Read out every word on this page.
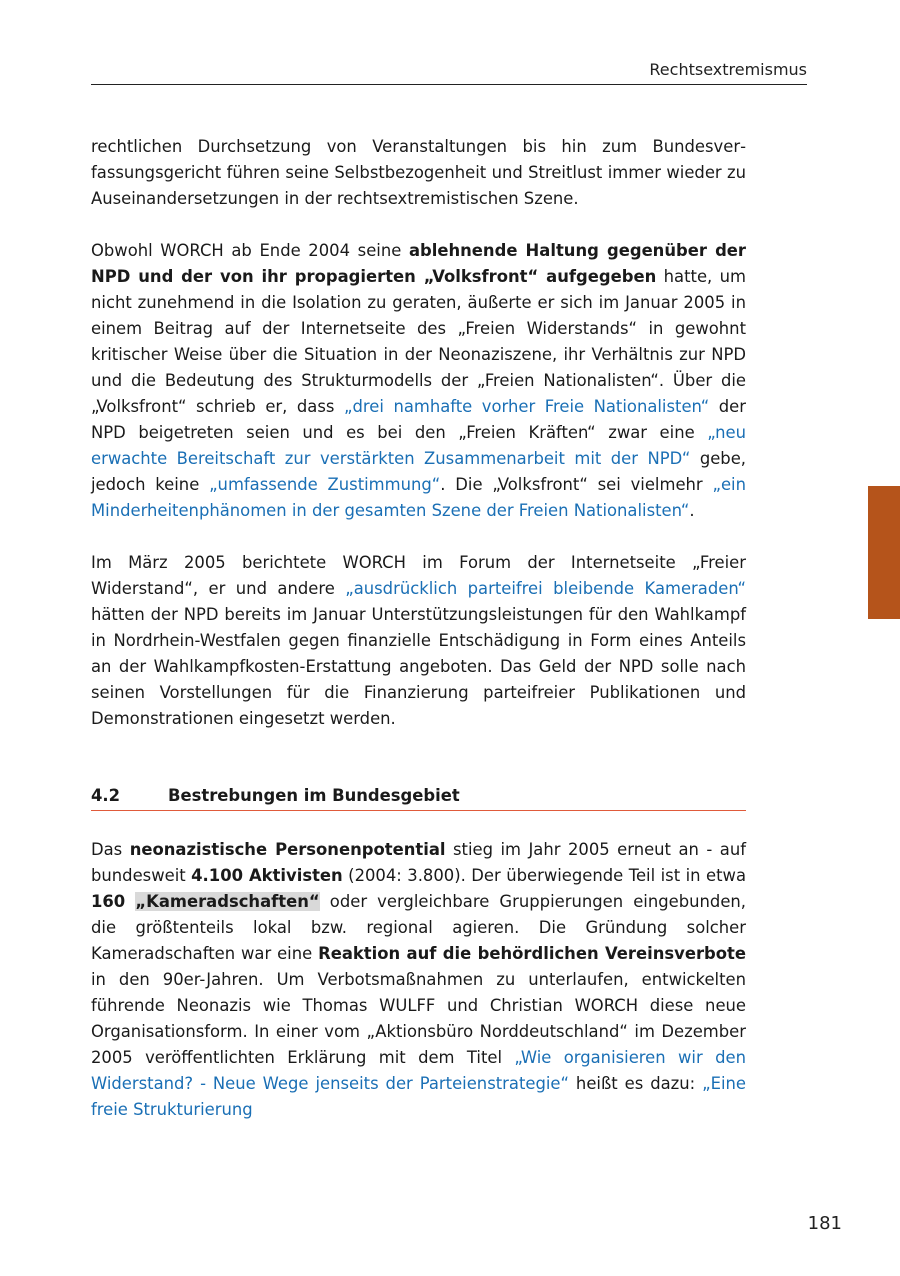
Rechtsextremismus

rechtlichen Durchsetzung von Veranstaltungen bis hin zum Bundesverfassungsgericht führen seine Selbstbezogenheit und Streitlust immer wieder zu Auseinandersetzungen in der rechtsextremistischen Szene.

Obwohl WORCH ab Ende 2004 seine ablehnende Haltung gegenüber der NPD und der von ihr propagierten „Volksfront“ aufgegeben hatte, um nicht zunehmend in die Isolation zu geraten, äußerte er sich im Januar 2005 in einem Beitrag auf der Internetseite des „Freien Widerstands“ in gewohnt kritischer Weise über die Situation in der Neonaziszene, ihr Verhältnis zur NPD und die Bedeutung des Strukturmodells der „Freien Nationalisten“. Über die „Volksfront“ schrieb er, dass „drei namhafte vorher Freie Nationalisten“ der NPD beigetreten seien und es bei den „Freien Kräften“ zwar eine „neu erwachte Bereitschaft zur verstärkten Zusammenarbeit mit der NPD“ gebe, jedoch keine „umfassende Zustimmung“. Die „Volksfront“ sei vielmehr „ein Minderheitenphänomen in der gesamten Szene der Freien Nationalisten“.

Im März 2005 berichtete WORCH im Forum der Internetseite „Freier Widerstand“, er und andere „ausdrücklich parteifrei bleibende Kameraden“ hätten der NPD bereits im Januar Unterstützungsleistungen für den Wahlkampf in Nordrhein-Westfalen gegen finanzielle Entschädigung in Form eines Anteils an der Wahlkampfkosten-Erstattung angeboten. Das Geld der NPD solle nach seinen Vorstellungen für die Finanzierung parteifreier Publikationen und Demonstrationen eingesetzt werden.

4.2	Bestrebungen im Bundesgebiet

Das neonazistische Personenpotential stieg im Jahr 2005 erneut an - auf bundesweit 4.100 Aktivisten (2004: 3.800). Der überwiegende Teil ist in etwa 160 „Kameradschaften“ oder vergleichbare Gruppierungen eingebunden, die größtenteils lokal bzw. regional agieren. Die Gründung solcher Kameradschaften war eine Reaktion auf die behördlichen Vereinsverbote in den 90er-Jahren. Um Verbotsmaßnahmen zu unterlaufen, entwickelten führende Neonazis wie Thomas WULFF und Christian WORCH diese neue Organisationsform. In einer vom „Aktionsbüro Norddeutschland“ im Dezember 2005 veröffentlichten Erklärung mit dem Titel „Wie organisieren wir den Widerstand? - Neue Wege jenseits der Parteienstrategie“ heißt es dazu: „Eine freie Strukturierung

181
